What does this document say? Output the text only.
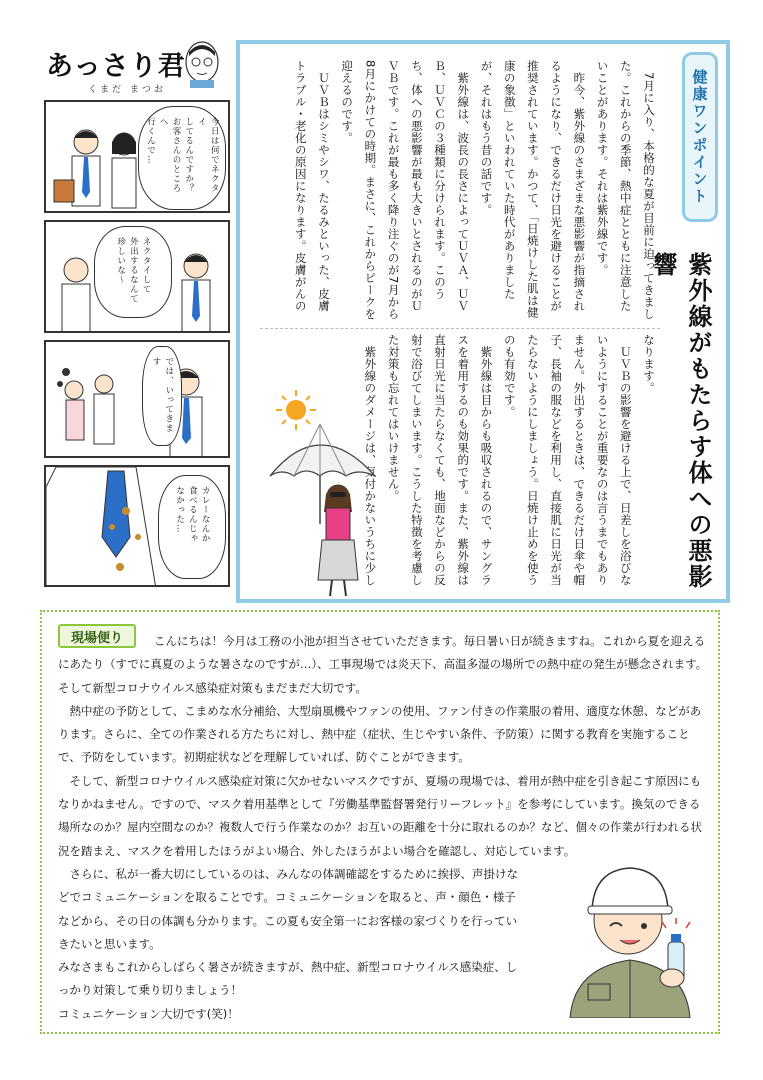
あっさり君
くまだ まつお
今日は何でネクタイ
してるんですか？
お客さんのところへ
行くんで…
ネクタイして
外出するなんて
珍しいな～
では、いってきます
カレーなんか
食べるんじゃ
なかった…
健康ワンポイント
紫外線がもたらす体への悪影響

　7月に入り、本格的な夏が目前に迫ってきました。これからの季節、熱中症とともに注意したいことがあります。それは紫外線です。

　昨今、紫外線のさまざまな悪影響が指摘されるようになり、できるだけ日光を避けることが推奨されています。かつて、「日焼けした肌は健康の象徴」といわれていた時代がありましたが、それはもう昔の話です。

　紫外線は、波長の長さによってＵＶＡ、ＵＶＢ、ＵＶＣの３種類に分けられます。このうち、体への悪影響が最も大きいとされるのがＵＶＢです。これが最も多く降り注ぐのが7月から8月にかけての時期。まさに、これからピークを迎えるのです。

　ＵＶＢはシミやシワ、たるみといった、皮膚トラブル・老化の原因になります。皮膚がんの

なります。

　ＵＶＢの影響を避ける上で、日差しを浴びないようにすることが重要なのは言うまでもありません。外出するときは、できるだけ日傘や帽子、長袖の服などを利用し、直接肌に日光が当たらないようにしましょう。日焼け止めを使うのも有効です。

　紫外線は目からも吸収されるので、サングラスを着用するのも効果的です。また、紫外線は直射日光に当たらなくても、地面などからの反射で浴びてしまいます。こうした特徴を考慮した対策も忘れてはいけません。

　紫外線のダメージは、気付かないうちに少し

現場便り	こんにちは！今月は工務の小池が担当させていただきます。毎日暑い日が続きますね。これから夏を迎えるにあたり（すでに真夏のような暑さなのですが…）、工事現場では炎天下、高温多湿の場所での熱中症の発生が懸念されます。そして新型コロナウイルス感染症対策もまだまだ大切です。

熱中症の予防として、こまめな水分補給、大型扇風機やファンの使用、ファン付きの作業服の着用、適度な休憩、などがあります。さらに、全ての作業される方たちに対し、熱中症（症状、生じやすい条件、予防策）に関する教育を実施することで、予防をしています。初期症状などを理解していれば、防ぐことができます。

そして、新型コロナウイルス感染症対策に欠かせないマスクですが、夏場の現場では、着用が熱中症を引き起こす原因にもなりかねません。ですので、マスク着用基準として『労働基準監督署発行リーフレット』を参考にしています。換気のできる場所なのか？屋内空間なのか？複数人で行う作業なのか？お互いの距離を十分に取れるのか？など、個々の作業が行われる状況を踏まえ、マスクを着用したほうがよい場合、外したほうがよい場合を確認し、対応しています。

さらに、私が一番大切にしているのは、みんなの体調確認をするために挨拶、声掛けなどでコミュニケーションを取ることです。コミュニケーションを取ると、声・顔色・様子などから、その日の体調も分かります。この夏も安全第一にお客様の家づくりを行っていきたいと思います。

みなさまもこれからしばらく暑さが続きますが、熱中症、新型コロナウイルス感染症、しっかり対策して乗り切りましょう！

コミュニケーション大切です(笑)！
